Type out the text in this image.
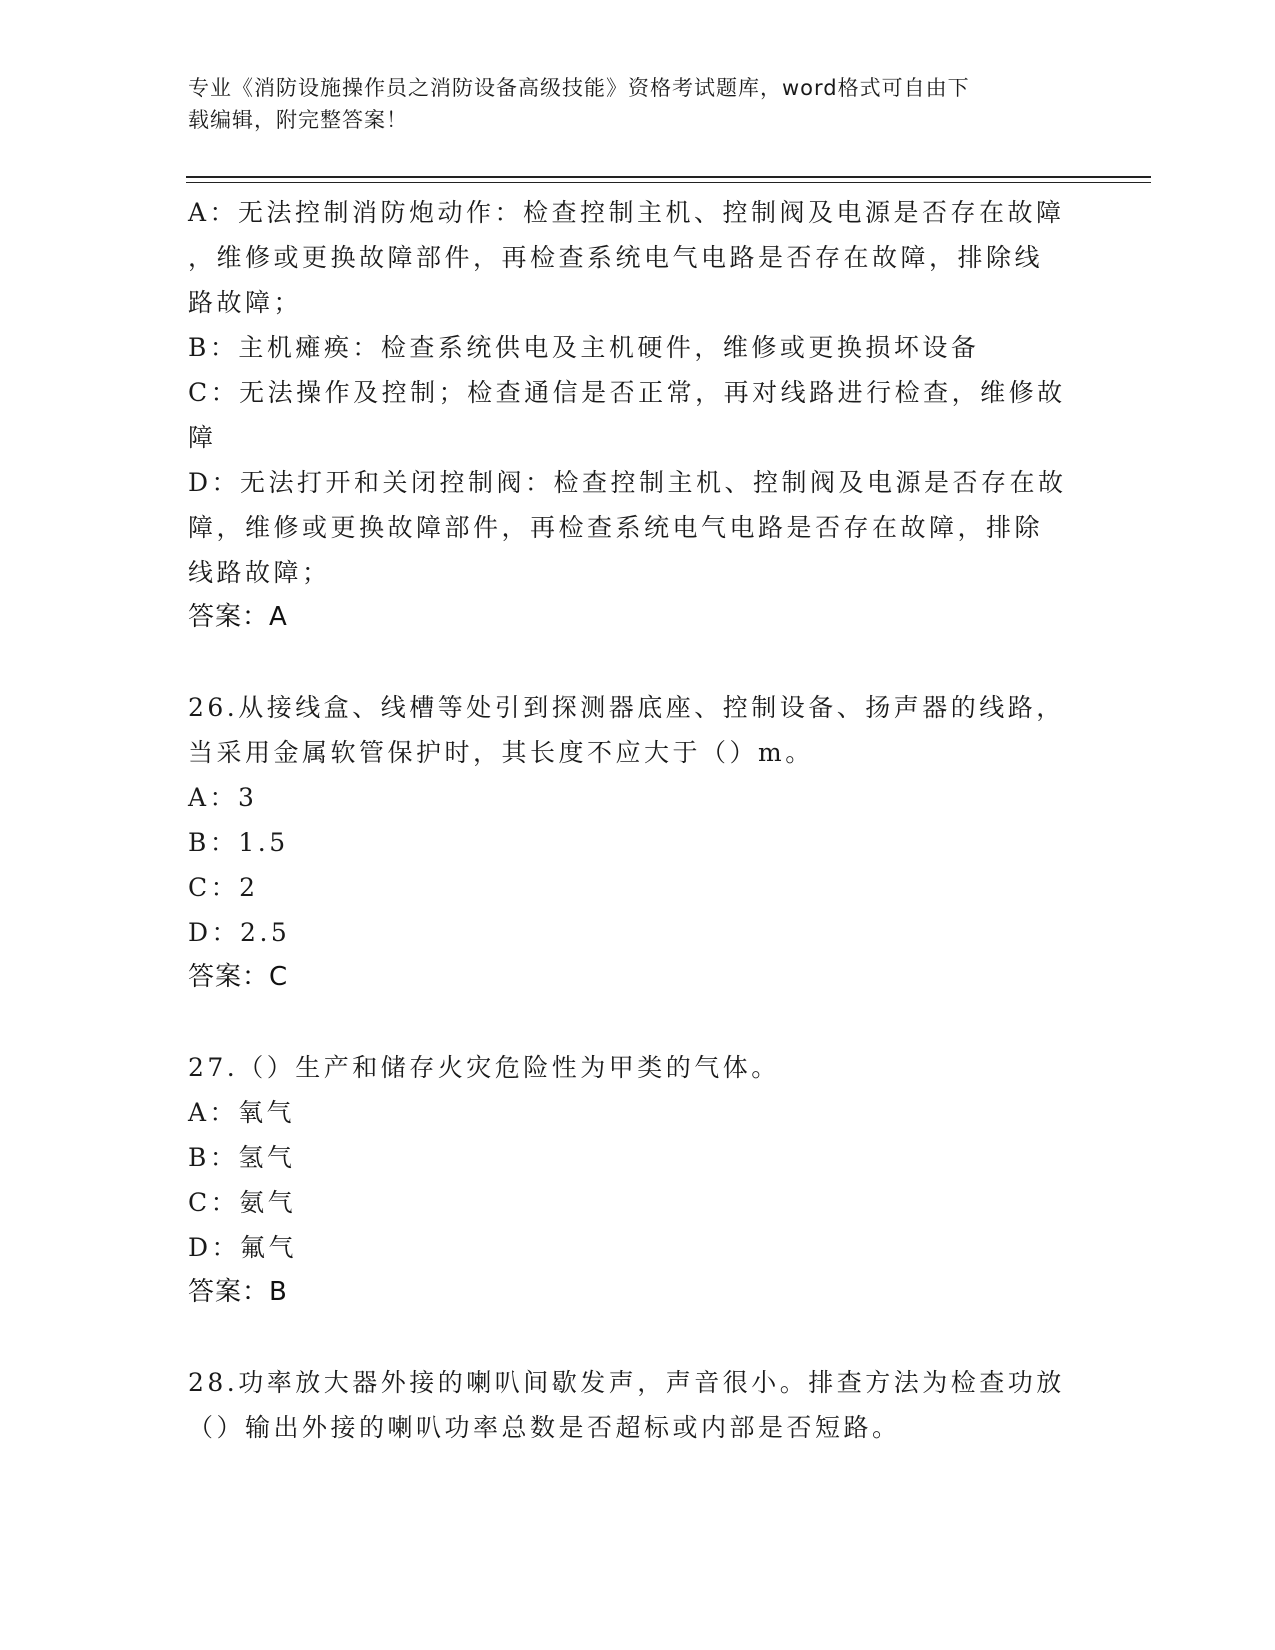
专业《消防设施操作员之消防设备高级技能》资格考试题库，word格式可自由下
载编辑，附完整答案！
A：无法控制消防炮动作：检查控制主机、控制阀及电源是否存在故障
，维修或更换故障部件，再检查系统电气电路是否存在故障，排除线
路故障；
B：主机瘫痪：检查系统供电及主机硬件，维修或更换损坏设备
C：无法操作及控制；检查通信是否正常，再对线路进行检查，维修故
障
D：无法打开和关闭控制阀：检查控制主机、控制阀及电源是否存在故
障，维修或更换故障部件，再检查系统电气电路是否存在故障，排除
线路故障；
答案：A
26.从接线盒、线槽等处引到探测器底座、控制设备、扬声器的线路，
当采用金属软管保护时，其长度不应大于（）m。
A：3
B：1.5
C：2
D：2.5
答案：C
27.（）生产和储存火灾危险性为甲类的气体。
A：氧气
B：氢气
C：氨气
D：氟气
答案：B
28.功率放大器外接的喇叭间歇发声，声音很小。排查方法为检查功放
（）输出外接的喇叭功率总数是否超标或内部是否短路。
